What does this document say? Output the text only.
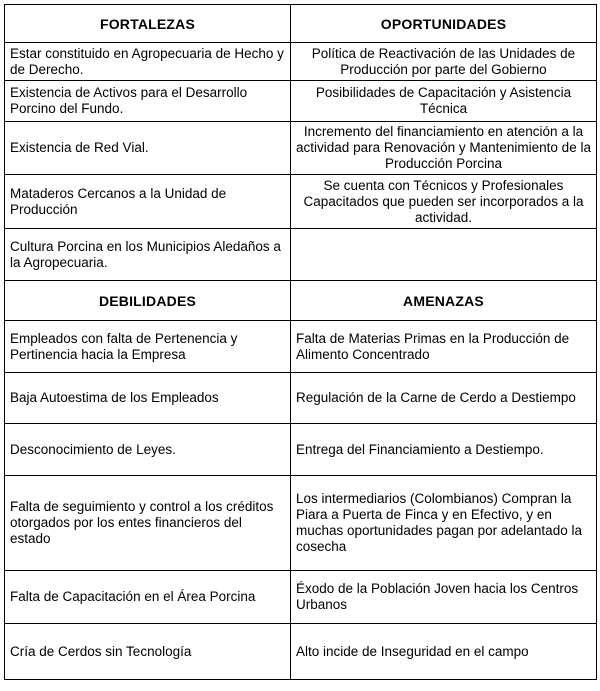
FORTALEZAS	OPORTUNIDADES
Estar constituido en Agropecuaria de Hecho y de Derecho.	Política de Reactivación de las Unidades de Producción por parte del Gobierno
Existencia de Activos para el Desarrollo Porcino del Fundo.	Posibilidades de Capacitación y Asistencia Técnica
Existencia de Red Vial.	Incremento del financiamiento en atención a la actividad para Renovación y Mantenimiento de la Producción Porcina
Mataderos Cercanos a la Unidad de Producción	Se cuenta con Técnicos y Profesionales Capacitados que pueden ser incorporados a la actividad.
Cultura Porcina en los Municipios Aledaños a la Agropecuaria.	
DEBILIDADES	AMENAZAS
Empleados con falta de Pertenencia y Pertinencia hacia la Empresa	Falta de Materias Primas en la Producción de Alimento Concentrado
Baja Autoestima de los Empleados	Regulación de la Carne de Cerdo a Destiempo
Desconocimiento de Leyes.	Entrega del Financiamiento a Destiempo.
Falta de seguimiento y control a los créditos otorgados por los entes financieros del estado	Los intermediarios (Colombianos) Compran la Piara a Puerta de Finca y en Efectivo, y en muchas oportunidades pagan por adelantado la cosecha
Falta de Capacitación en el Área Porcina	Éxodo de la Población Joven hacia los Centros Urbanos
Cría de Cerdos sin Tecnología	Alto incide de Inseguridad en el campo
